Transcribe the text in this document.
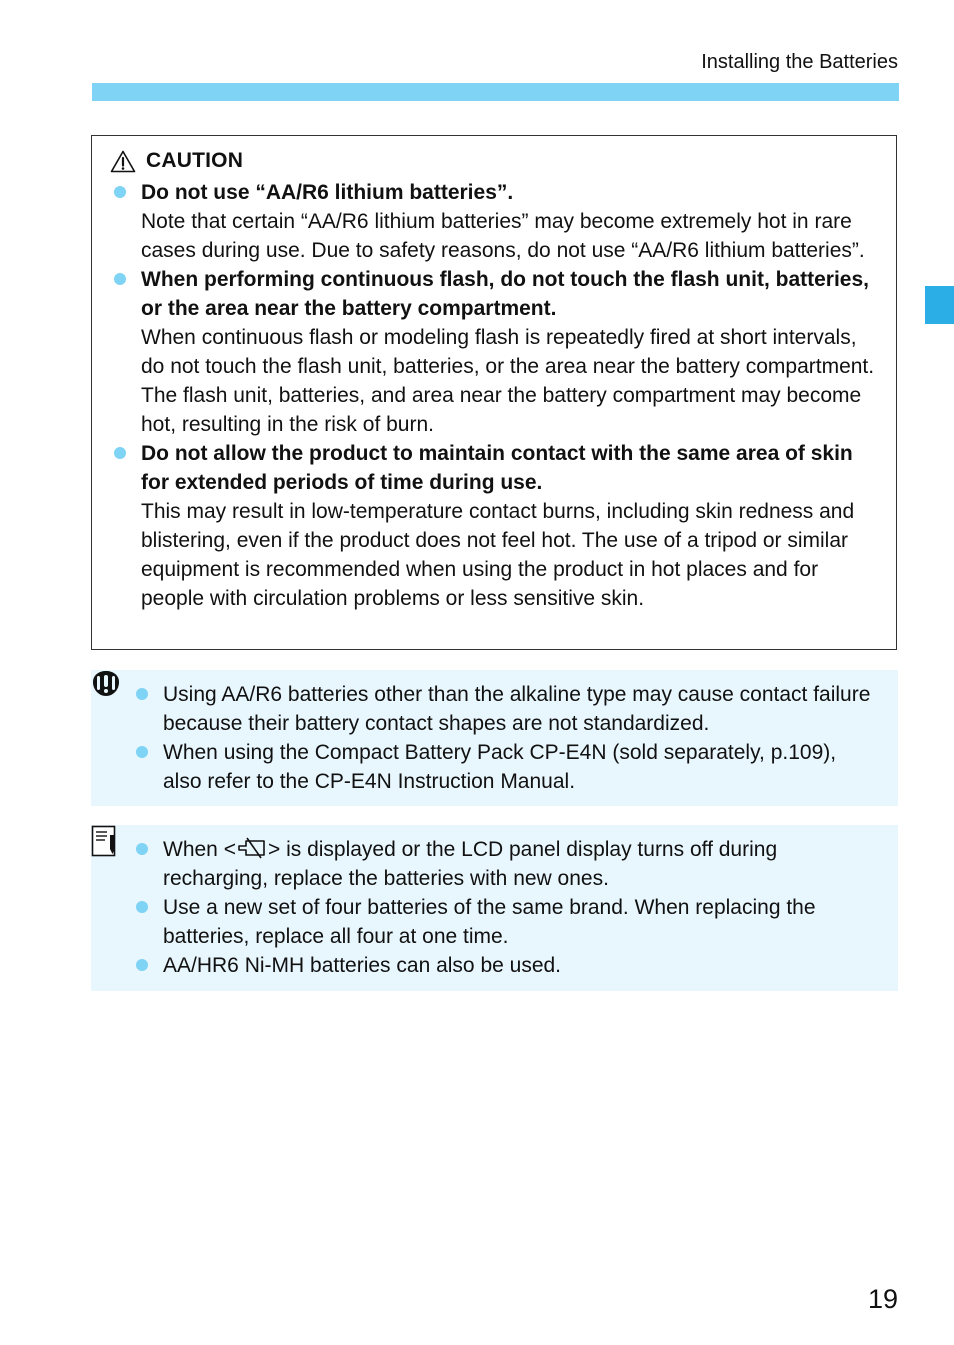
Installing the Batteries
CAUTION
Do not use “AA/R6 lithium batteries”.
Note that certain “AA/R6 lithium batteries” may become extremely hot in rare cases during use. Due to safety reasons, do not use “AA/R6 lithium batteries”.
When performing continuous flash, do not touch the flash unit, batteries, or the area near the battery compartment.
When continuous flash or modeling flash is repeatedly fired at short intervals, do not touch the flash unit, batteries, or the area near the battery compartment. The flash unit, batteries, and area near the battery compartment may become hot, resulting in the risk of burn.
Do not allow the product to maintain contact with the same area of skin for extended periods of time during use.
This may result in low-temperature contact burns, including skin redness and blistering, even if the product does not feel hot. The use of a tripod or similar equipment is recommended when using the product in hot places and for people with circulation problems or less sensitive skin.
Using AA/R6 batteries other than the alkaline type may cause contact failure because their battery contact shapes are not standardized.
When using the Compact Battery Pack CP-E4N (sold separately, p.109), also refer to the CP-E4N Instruction Manual.
When < > is displayed or the LCD panel display turns off during recharging, replace the batteries with new ones.
Use a new set of four batteries of the same brand. When replacing the batteries, replace all four at one time.
AA/HR6 Ni-MH batteries can also be used.
19
